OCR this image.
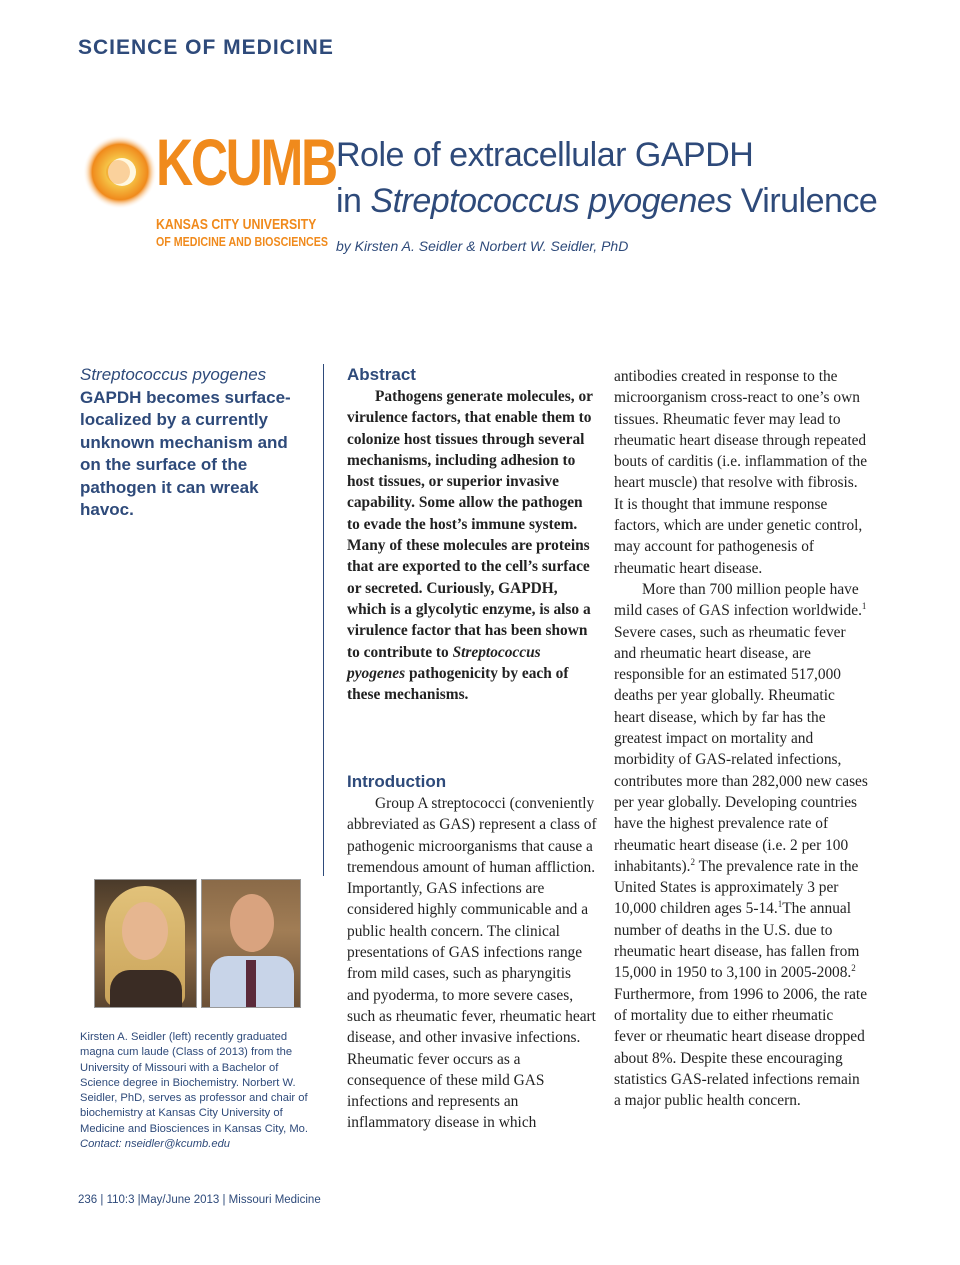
SCIENCE OF MEDICINE
KCUMB
KANSAS CITY UNIVERSITY
OF MEDICINE AND BIOSCIENCES
Role of extracellular GAPDH
in Streptococcus pyogenes Virulence
by Kirsten A. Seidler & Norbert W. Seidler, PhD
Streptococcus pyogenes
GAPDH becomes surface-localized by a currently unknown mechanism and on the surface of the pathogen it can wreak havoc.
Kirsten A. Seidler (left) recently graduated magna cum laude (Class of 2013) from the University of Missouri with a Bachelor of Science degree in Biochemistry. Norbert W. Seidler, PhD, serves as professor and chair of biochemistry at Kansas City University of Medicine and Biosciences in Kansas City, Mo.
Contact: nseidler@kcumb.edu
Abstract
Pathogens generate molecules, or virulence factors, that enable them to colonize host tissues through several mechanisms, including adhesion to host tissues, or superior invasive capability. Some allow the pathogen to evade the host’s immune system. Many of these molecules are proteins that are exported to the cell’s surface or secreted. Curiously, GAPDH, which is a glycolytic enzyme, is also a virulence factor that has been shown to contribute to Streptococcus pyogenes pathogenicity by each of these mechanisms.
Introduction
Group A streptococci (conveniently abbreviated as GAS) represent a class of pathogenic microorganisms that cause a tremendous amount of human affliction. Importantly, GAS infections are considered highly communicable and a public health concern. The clinical presentations of GAS infections range from mild cases, such as pharyngitis and pyoderma, to more severe cases, such as rheumatic fever, rheumatic heart disease, and other invasive infections. Rheumatic fever occurs as a consequence of these mild GAS infections and represents an inflammatory disease in which
antibodies created in response to the microorganism cross-react to one’s own tissues. Rheumatic fever may lead to rheumatic heart disease through repeated bouts of carditis (i.e. inflammation of the heart muscle) that resolve with fibrosis. It is thought that immune response factors, which are under genetic control, may account for pathogenesis of rheumatic heart disease.
More than 700 million people have mild cases of GAS infection worldwide.$^1$ Severe cases, such as rheumatic fever and rheumatic heart disease, are responsible for an estimated 517,000 deaths per year globally. Rheumatic heart disease, which by far has the greatest impact on mortality and morbidity of GAS-related infections, contributes more than 282,000 new cases per year globally. Developing countries have the highest prevalence rate of rheumatic heart disease (i.e. 2 per 100 inhabitants).$^2$ The prevalence rate in the United States is approximately 3 per 10,000 children ages 5-14.$^1$The annual number of deaths in the U.S. due to rheumatic heart disease, has fallen from 15,000 in 1950 to 3,100 in 2005-2008.$^2$ Furthermore, from 1996 to 2006, the rate of mortality due to either rheumatic fever or rheumatic heart disease dropped about 8%. Despite these encouraging statistics GAS-related infections remain a major public health concern.
236 | 110:3 |May/June 2013 | Missouri Medicine
